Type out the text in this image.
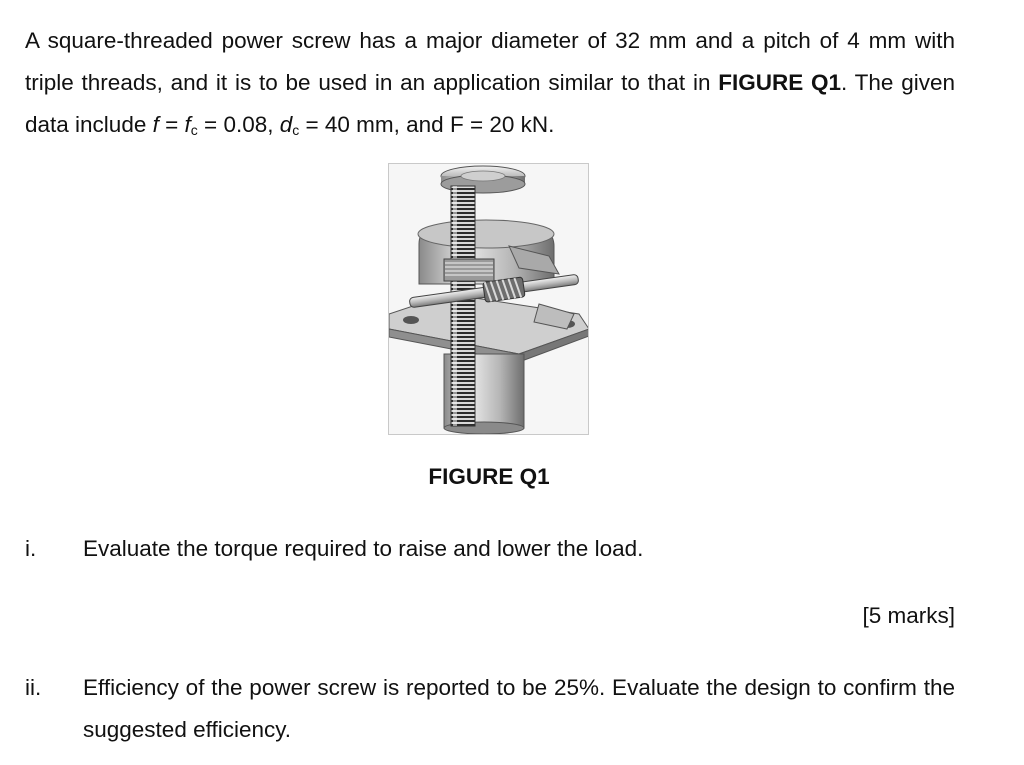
A square-threaded power screw has a major diameter of 32 mm and a pitch of 4 mm with triple threads, and it is to be used in an application similar to that in FIGURE Q1. The given data include $f = f_c = 0.08$, $d_c = 40$ mm, and F = 20 kN.

FIGURE Q1

i. Evaluate the torque required to raise and lower the load.

[5 marks]
ii. Efficiency of the power screw is reported to be 25%. Evaluate the design to confirm the suggested efficiency.
